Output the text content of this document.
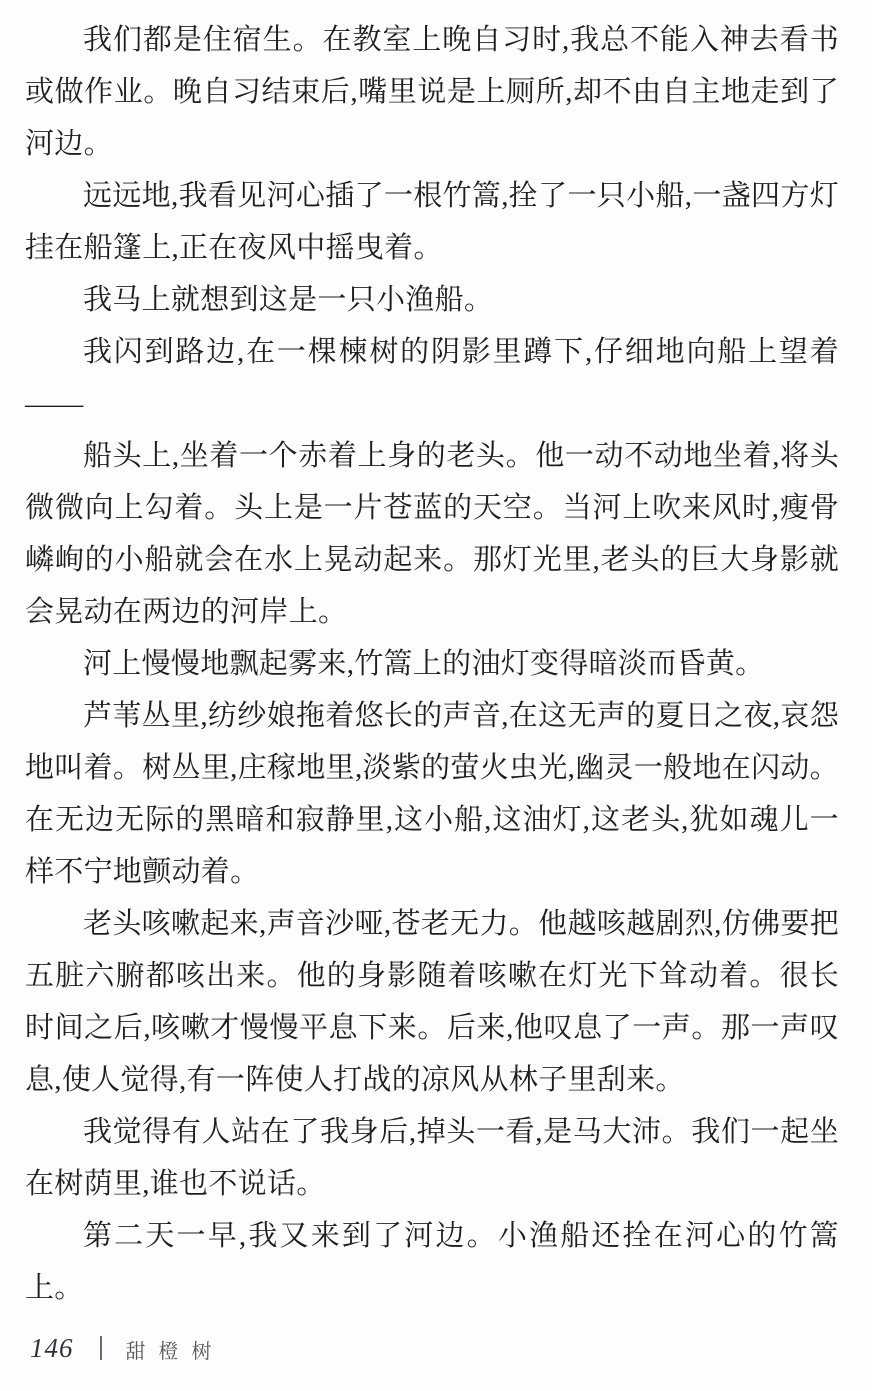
我们都是住宿生。在教室上晚自习时,我总不能入神去看书或做作业。晚自习结束后,嘴里说是上厕所,却不由自主地走到了河边。

远远地,我看见河心插了一根竹篙,拴了一只小船,一盏四方灯挂在船篷上,正在夜风中摇曳着。

我马上就想到这是一只小渔船。

我闪到路边,在一棵楝树的阴影里蹲下,仔细地向船上望着——

船头上,坐着一个赤着上身的老头。他一动不动地坐着,将头微微向上勾着。头上是一片苍蓝的天空。当河上吹来风时,瘦骨嶙峋的小船就会在水上晃动起来。那灯光里,老头的巨大身影就会晃动在两边的河岸上。

河上慢慢地飘起雾来,竹篙上的油灯变得暗淡而昏黄。

芦苇丛里,纺纱娘拖着悠长的声音,在这无声的夏日之夜,哀怨地叫着。树丛里,庄稼地里,淡紫的萤火虫光,幽灵一般地在闪动。在无边无际的黑暗和寂静里,这小船,这油灯,这老头,犹如魂儿一样不宁地颤动着。

老头咳嗽起来,声音沙哑,苍老无力。他越咳越剧烈,仿佛要把五脏六腑都咳出来。他的身影随着咳嗽在灯光下耸动着。很长时间之后,咳嗽才慢慢平息下来。后来,他叹息了一声。那一声叹息,使人觉得,有一阵使人打战的凉风从林子里刮来。

我觉得有人站在了我身后,掉头一看,是马大沛。我们一起坐在树荫里,谁也不说话。

第二天一早,我又来到了河边。小渔船还拴在河心的竹篙上。

146	甜橙树
